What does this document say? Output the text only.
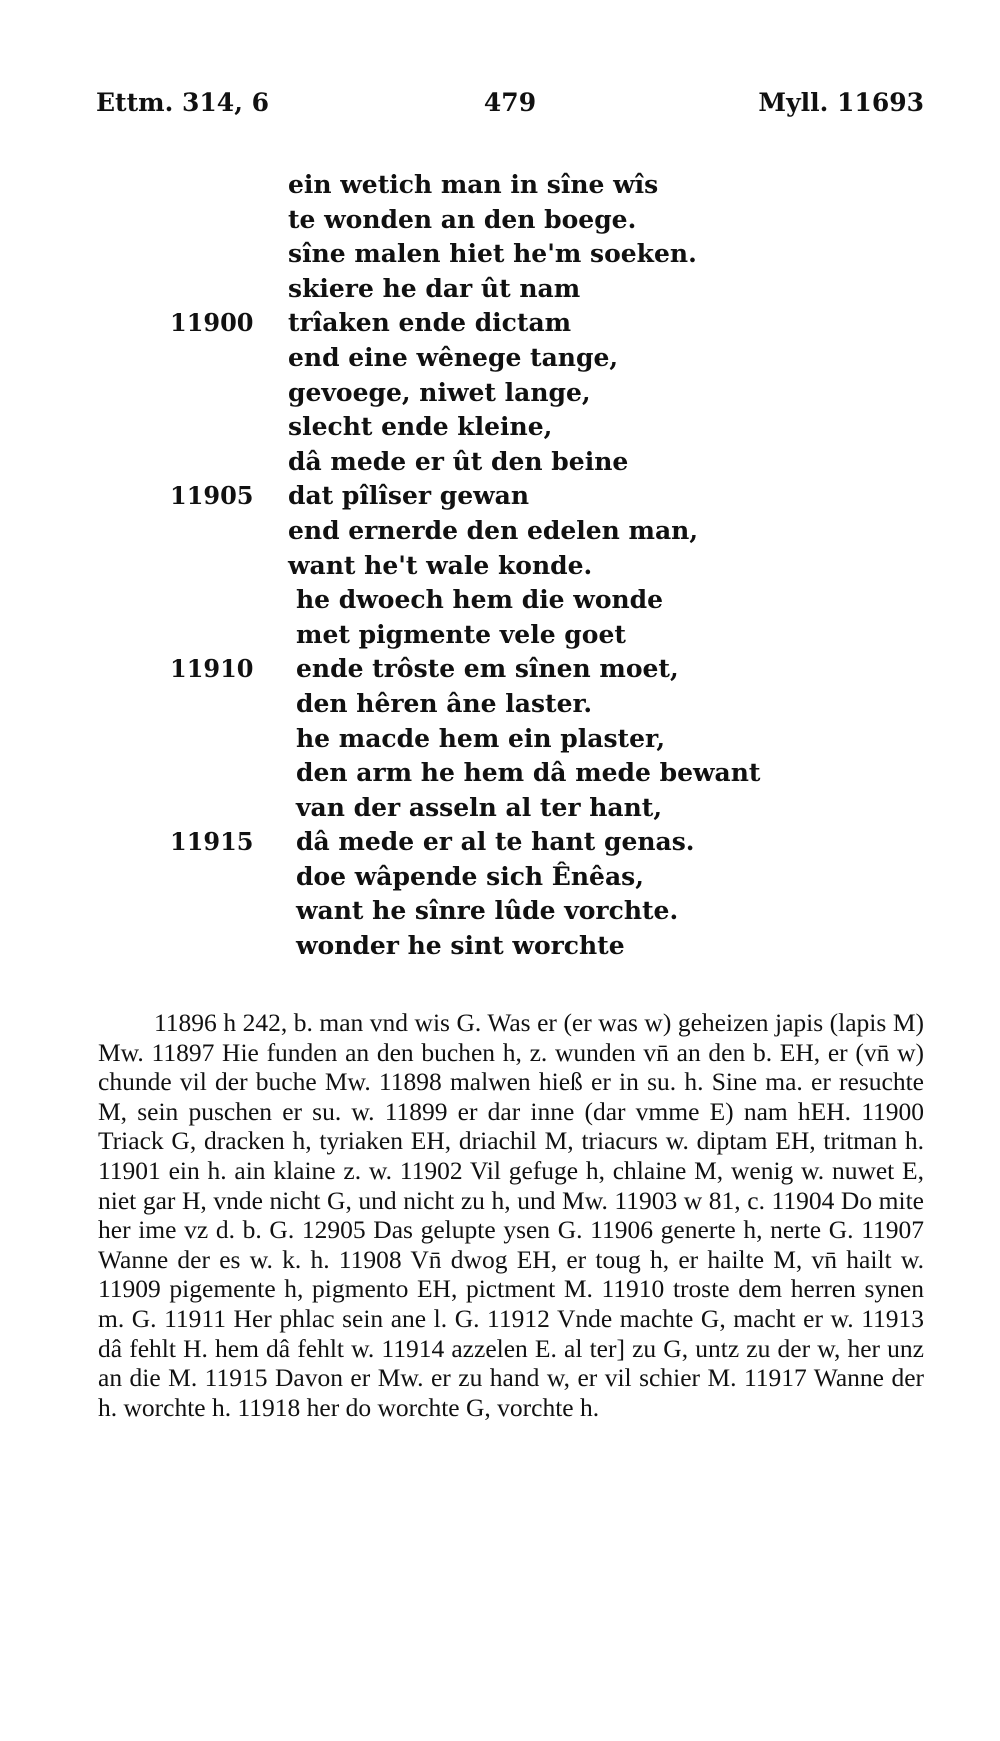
479
Ettm. 314, 6	Myll. 11693
ein wetich man in sîne wîs
te wonden an den boege.
sîne malen hiet he'm soeken.
skiere he dar ût nam
11900	trîaken ende dictam
end eine wênege tange,
gevoege, niwet lange,
slecht ende kleine,
dâ mede er ût den beine
11905	dat pîlîser gewan
end ernerde den edelen man,
want he't wale konde.
he dwoech hem die wonde
met pigmente vele goet
11910	ende trôste em sînen moet,
den hêren âne laster.
he macde hem ein plaster,
den arm he hem dâ mede bewant
van der asseln al ter hant,
11915	dâ mede er al te hant genas.
doe wâpende sich Ênêas,
want he sînre lûde vorchte.
wonder he sint worchte
11896 h 242, b. man vnd wis G. Was er (er was w) geheizen japis (lapis M) Mw. 11897 Hie funden an den buchen h, z. wunden vn̄ an den b. EH, er (vn̄ w) chunde vil der buche Mw. 11898 malwen hieß er in su. h. Sine ma. er resuchte M, sein puschen er su. w. 11899 er dar inne (dar vmme E) nam hEH. 11900 Triack G, dracken h, tyriaken EH, driachil M, triacurs w. diptam EH, tritman h. 11901 ein h. ain klaine z. w. 11902 Vil gefuge h, chlaine M, wenig w. nuwet E, niet gar H, vnde nicht G, und nicht zu h, und Mw. 11903 w 81, c. 11904 Do mite her ime vz d. b. G. 12905 Das gelupte ysen G. 11906 generte h, nerte G. 11907 Wanne der es w. k. h. 11908 Vn̄ dwog EH, er toug h, er hailte M, vn̄ hailt w. 11909 pigemente h, pigmento EH, pictment M. 11910 troste dem herren synen m. G. 11911 Her phlac sein ane l. G. 11912 Vnde machte G, macht er w. 11913 dâ fehlt H. hem dâ fehlt w. 11914 azzelen E. al ter] zu G, untz zu der w, her unz an die M. 11915 Davon er Mw. er zu hand w, er vil schier M. 11917 Wanne der h. worchte h. 11918 her do worchte G, vorchte h.
